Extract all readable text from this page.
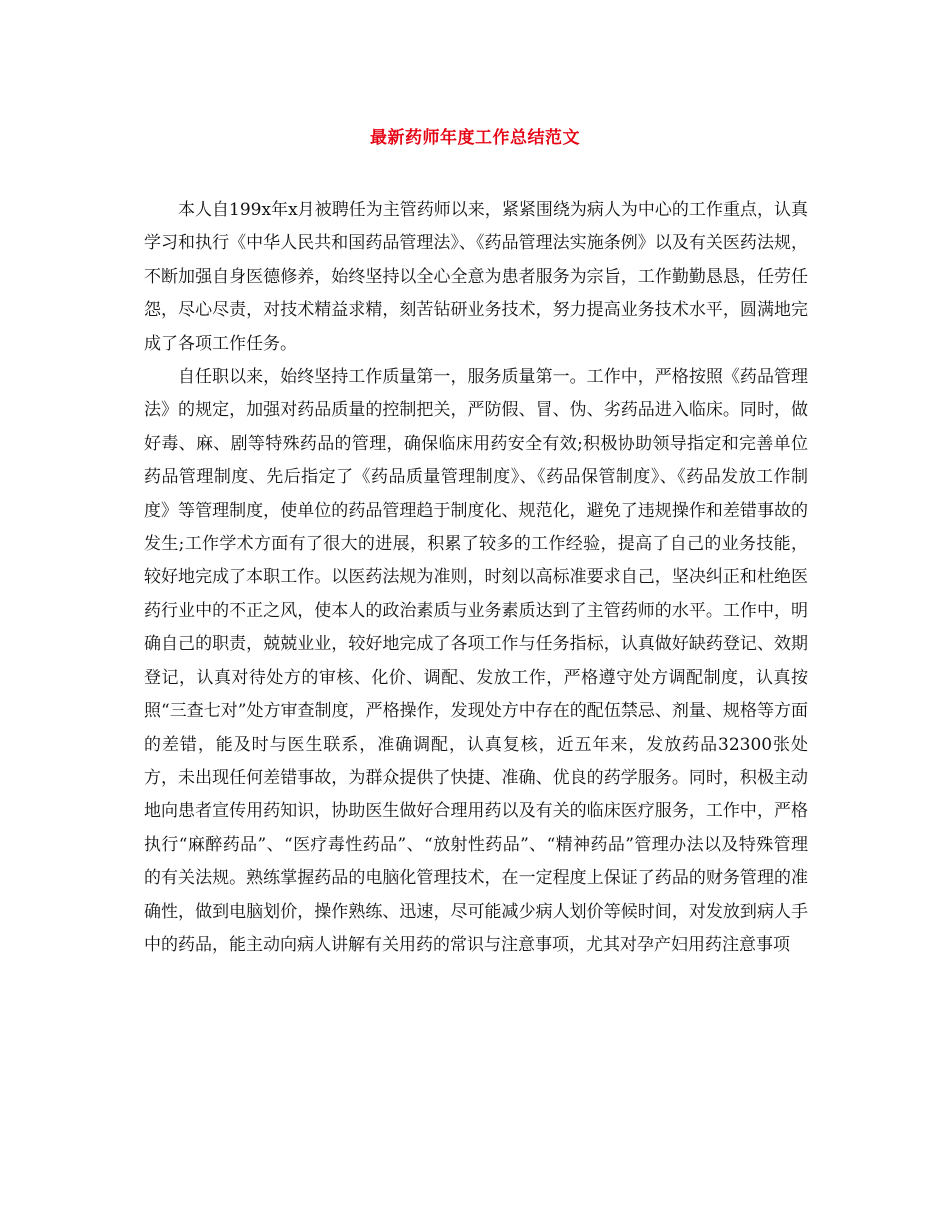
最新药师年度工作总结范文

本人自199x年x月被聘任为主管药师以来，紧紧围绕为病人为中心的工作重点，认真学习和执行《中华人民共和国药品管理法》、《药品管理法实施条例》以及有关医药法规，不断加强自身医德修养，始终坚持以全心全意为患者服务为宗旨，工作勤勤恳恳，任劳任怨，尽心尽责，对技术精益求精，刻苦钻研业务技术，努力提高业务技术水平，圆满地完成了各项工作任务。

自任职以来，始终坚持工作质量第一，服务质量第一。工作中，严格按照《药品管理法》的规定，加强对药品质量的控制把关，严防假、冒、伪、劣药品进入临床。同时，做好毒、麻、剧等特殊药品的管理，确保临床用药安全有效;积极协助领导指定和完善单位药品管理制度、先后指定了《药品质量管理制度》、《药品保管制度》、《药品发放工作制度》等管理制度，使单位的药品管理趋于制度化、规范化，避免了违规操作和差错事故的发生;工作学术方面有了很大的进展，积累了较多的工作经验，提高了自己的业务技能，较好地完成了本职工作。以医药法规为准则，时刻以高标准要求自己，坚决纠正和杜绝医药行业中的不正之风，使本人的政治素质与业务素质达到了主管药师的水平。工作中，明确自己的职责，兢兢业业，较好地完成了各项工作与任务指标，认真做好缺药登记、效期登记，认真对待处方的审核、化价、调配、发放工作，严格遵守处方调配制度，认真按照“三查七对”处方审查制度，严格操作，发现处方中存在的配伍禁忌、剂量、规格等方面的差错，能及时与医生联系，准确调配，认真复核，近五年来，发放药品32300张处方，未出现任何差错事故，为群众提供了快捷、准确、优良的药学服务。同时，积极主动地向患者宣传用药知识，协助医生做好合理用药以及有关的临床医疗服务，工作中，严格执行“麻醉药品”、“医疗毒性药品”、“放射性药品”、“精神药品”管理办法以及特殊管理的有关法规。熟练掌握药品的电脑化管理技术，在一定程度上保证了药品的财务管理的准确性，做到电脑划价，操作熟练、迅速，尽可能减少病人划价等候时间，对发放到病人手中的药品，能主动向病人讲解有关用药的常识与注意事项，尤其对孕产妇用药注意事项
